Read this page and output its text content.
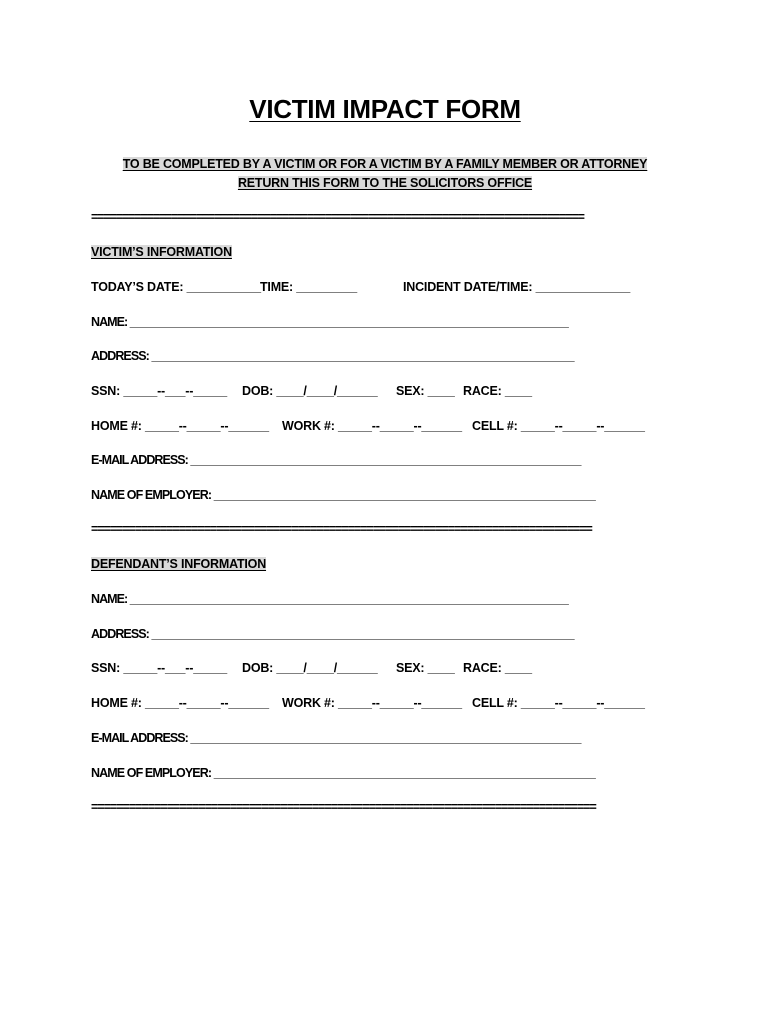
VICTIM IMPACT FORM
TO BE COMPLETED BY A VICTIM OR FOR A VICTIM BY A FAMILY MEMBER OR ATTORNEY
RETURN THIS FORM TO THE SOLICITORS OFFICE
================================================================================
VICTIM’S INFORMATION
TODAY’S DATE: ___________ TIME: _________	INCIDENT DATE/TIME: ______________
NAME: _________________________________________________________________________
ADDRESS: ______________________________________________________________________
SSN: _____--___--_____ DOB: ____/____/______ SEX: ____ RACE: ____
HOME #: _____--_____--______ WORK #: _____--_____--______ CELL #: _____--_____--______
E-MAIL ADDRESS: _________________________________________________________________
NAME OF EMPLOYER: _______________________________________________________________
================================================================================
DEFENDANT’S INFORMATION
NAME: _________________________________________________________________________
ADDRESS: ______________________________________________________________________
SSN: _____--___--_____ DOB: ____/____/______ SEX: ____ RACE: ____
HOME #: _____--_____--______ WORK #: _____--_____--______ CELL #: _____--_____--______
E-MAIL ADDRESS: _________________________________________________________________
NAME OF EMPLOYER: _______________________________________________________________
================================================================================
